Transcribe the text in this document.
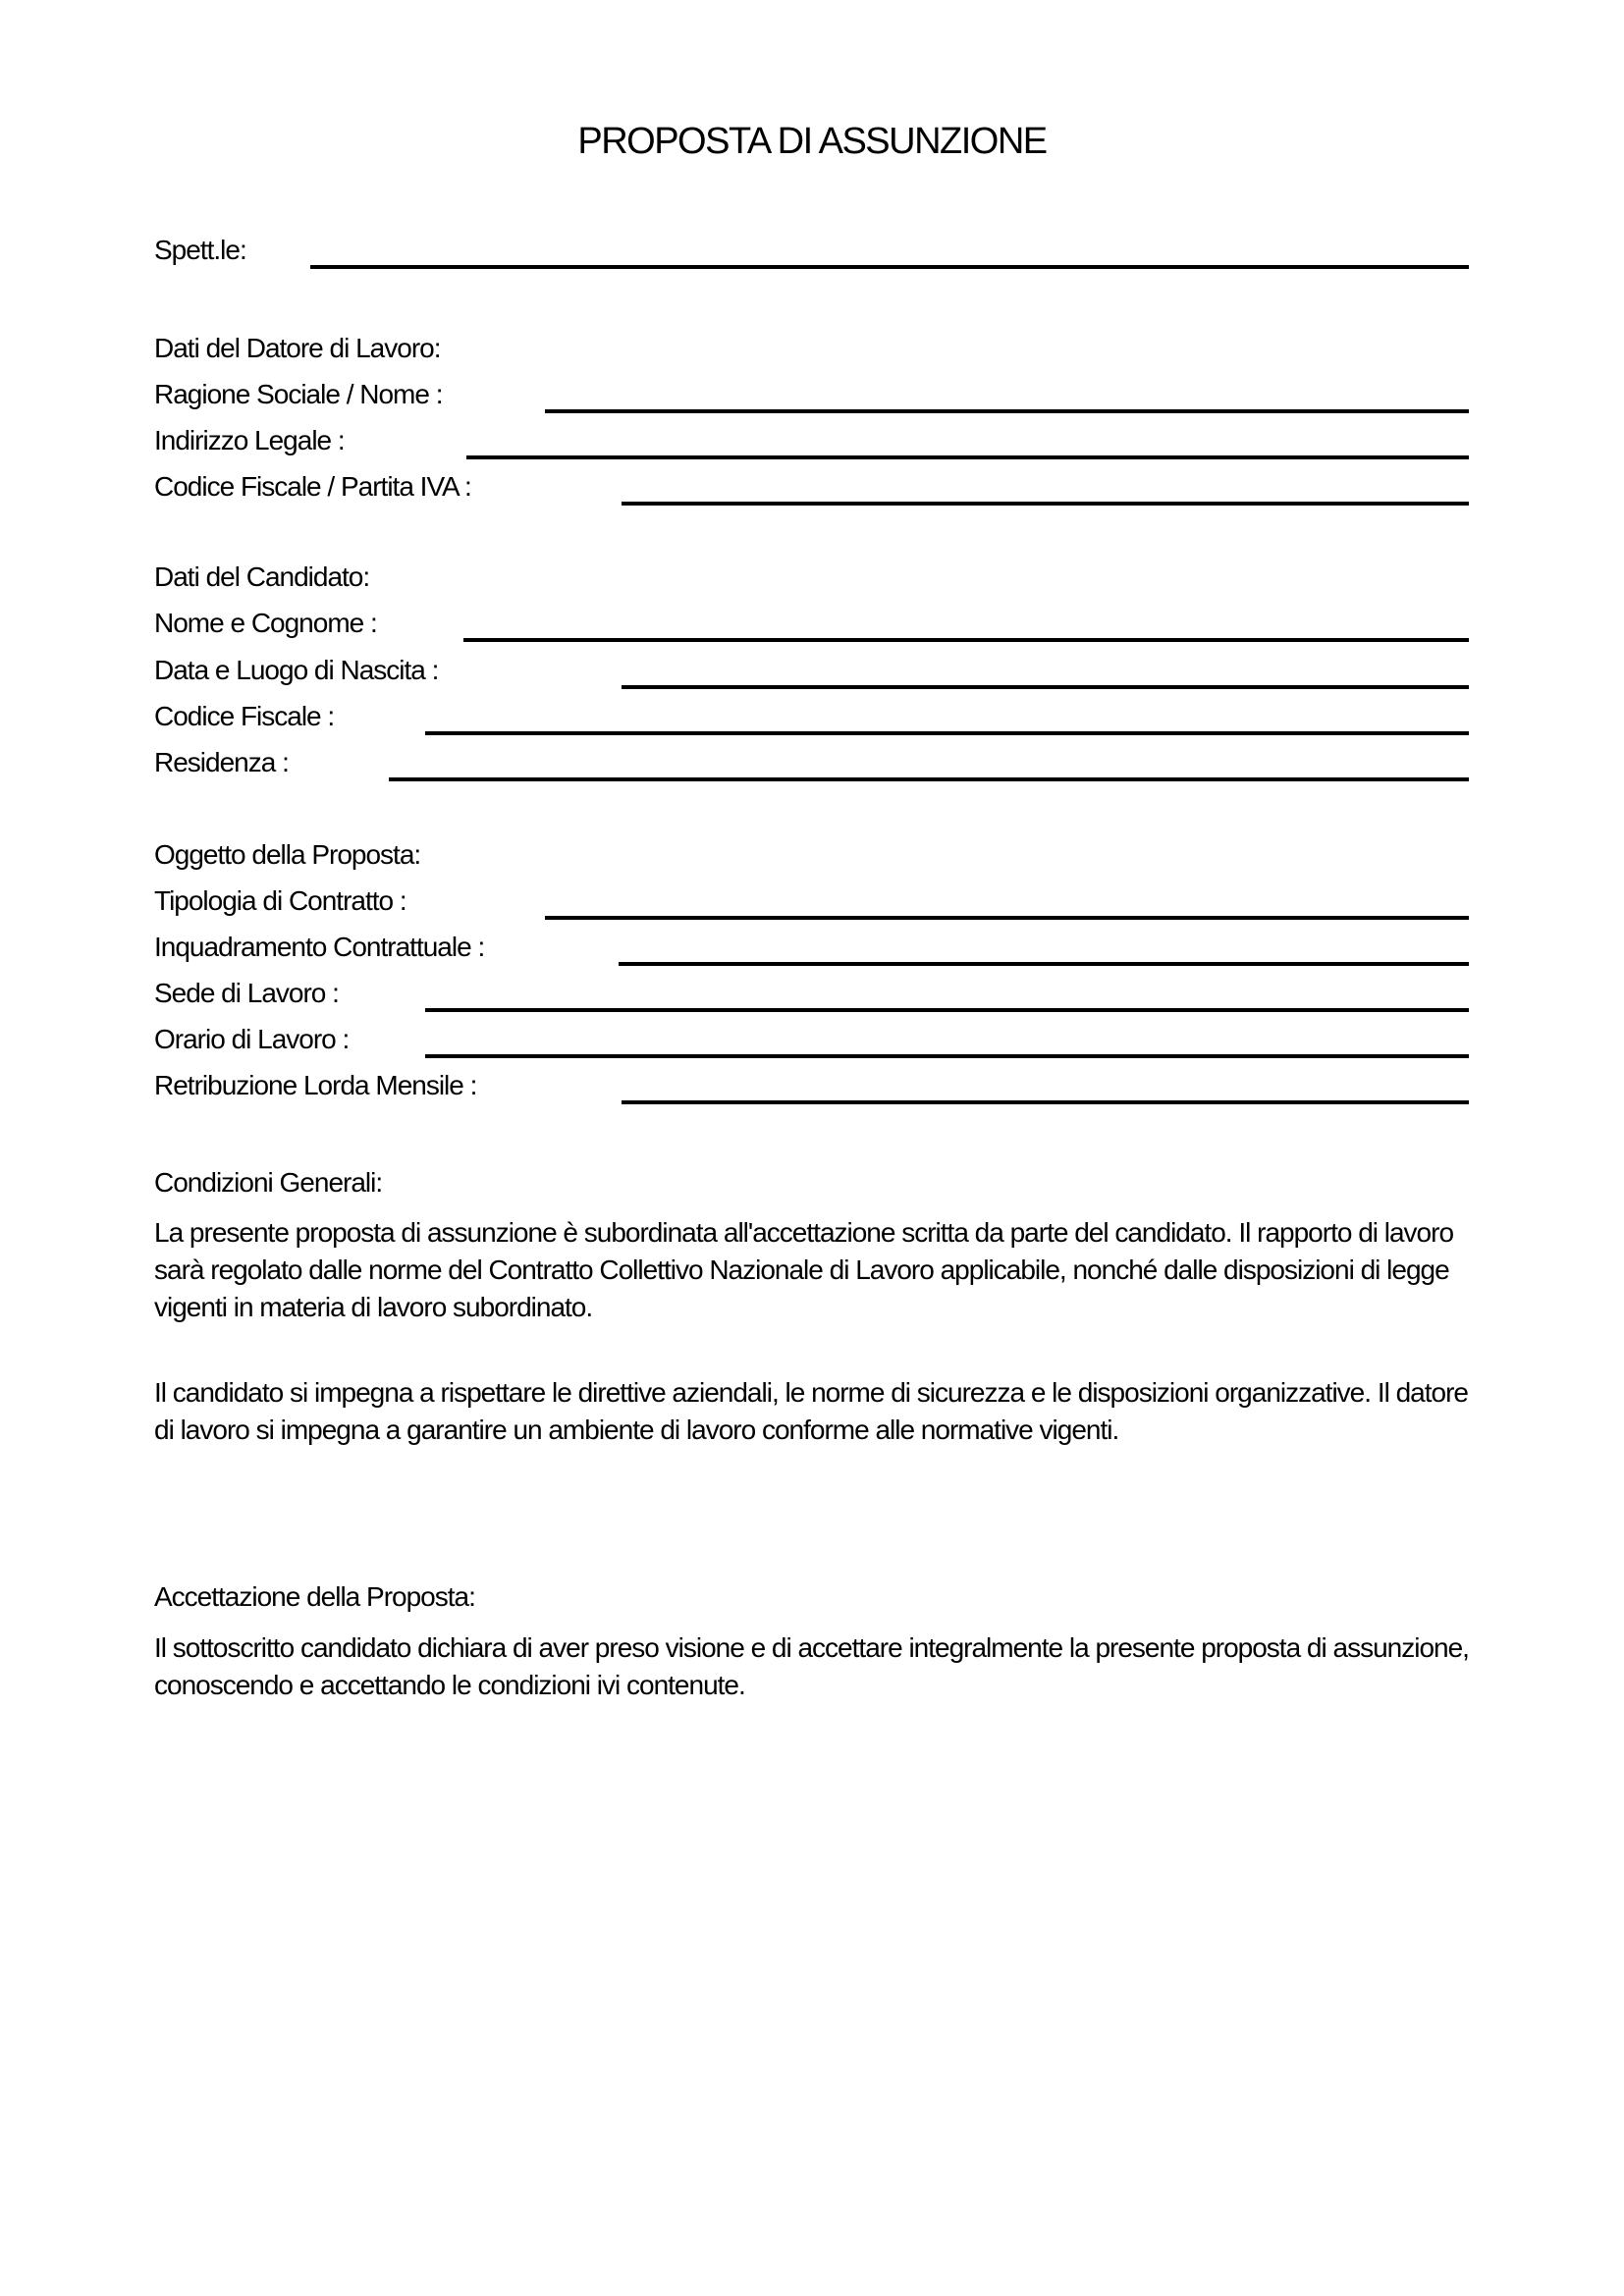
PROPOSTA DI ASSUNZIONE
Spett.le:
Dati del Datore di Lavoro:
Ragione Sociale / Nome :
Indirizzo Legale :
Codice Fiscale / Partita IVA :
Dati del Candidato:
Nome e Cognome :
Data e Luogo di Nascita :
Codice Fiscale :
Residenza :
Oggetto della Proposta:
Tipologia di Contratto :
Inquadramento Contrattuale :
Sede di Lavoro :
Orario di Lavoro :
Retribuzione Lorda Mensile :
Condizioni Generali:

La presente proposta di assunzione è subordinata all'accettazione scritta da parte del candidato. Il rapporto di lavoro sarà regolato dalle norme del Contratto Collettivo Nazionale di Lavoro applicabile, nonché dalle disposizioni di legge vigenti in materia di lavoro subordinato.

Il candidato si impegna a rispettare le direttive aziendali, le norme di sicurezza e le disposizioni organizzative. Il datore di lavoro si impegna a garantire un ambiente di lavoro conforme alle normative vigenti.

Accettazione della Proposta:

Il sottoscritto candidato dichiara di aver preso visione e di accettare integralmente la presente proposta di assunzione, conoscendo e accettando le condizioni ivi contenute.
